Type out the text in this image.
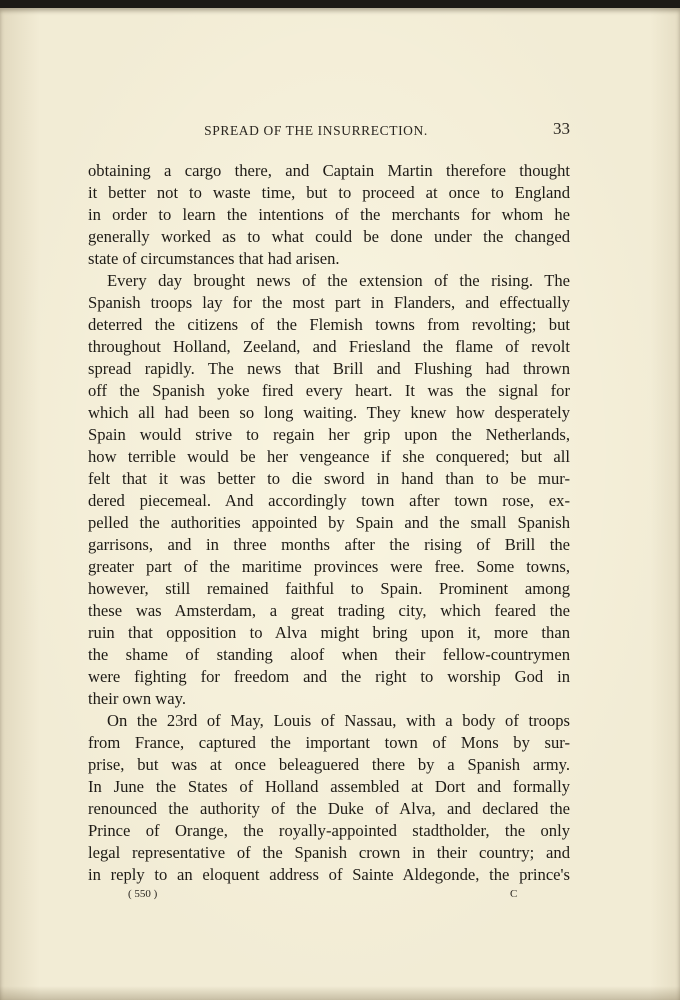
SPREAD OF THE INSURRECTION.	33

obtaining a cargo there, and Captain Martin therefore thought
it better not to waste time, but to proceed at once to England
in order to learn the intentions of the merchants for whom he
generally worked as to what could be done under the changed
state of circumstances that had arisen.

Every day brought news of the extension of the rising. The
Spanish troops lay for the most part in Flanders, and effectually
deterred the citizens of the Flemish towns from revolting; but
throughout Holland, Zeeland, and Friesland the flame of revolt
spread rapidly. The news that Brill and Flushing had thrown
off the Spanish yoke fired every heart. It was the signal for
which all had been so long waiting. They knew how desperately
Spain would strive to regain her grip upon the Netherlands,
how terrible would be her vengeance if she conquered; but all
felt that it was better to die sword in hand than to be mur-
dered piecemeal. And accordingly town after town rose, ex-
pelled the authorities appointed by Spain and the small Spanish
garrisons, and in three months after the rising of Brill the
greater part of the maritime provinces were free. Some towns,
however, still remained faithful to Spain. Prominent among
these was Amsterdam, a great trading city, which feared the
ruin that opposition to Alva might bring upon it, more than
the shame of standing aloof when their fellow-countrymen
were fighting for freedom and the right to worship God in
their own way.

On the 23rd of May, Louis of Nassau, with a body of troops
from France, captured the important town of Mons by sur-
prise, but was at once beleaguered there by a Spanish army.
In June the States of Holland assembled at Dort and formally
renounced the authority of the Duke of Alva, and declared the
Prince of Orange, the royally-appointed stadtholder, the only
legal representative of the Spanish crown in their country; and
in reply to an eloquent address of Sainte Aldegonde, the prince's

( 550 )	C
